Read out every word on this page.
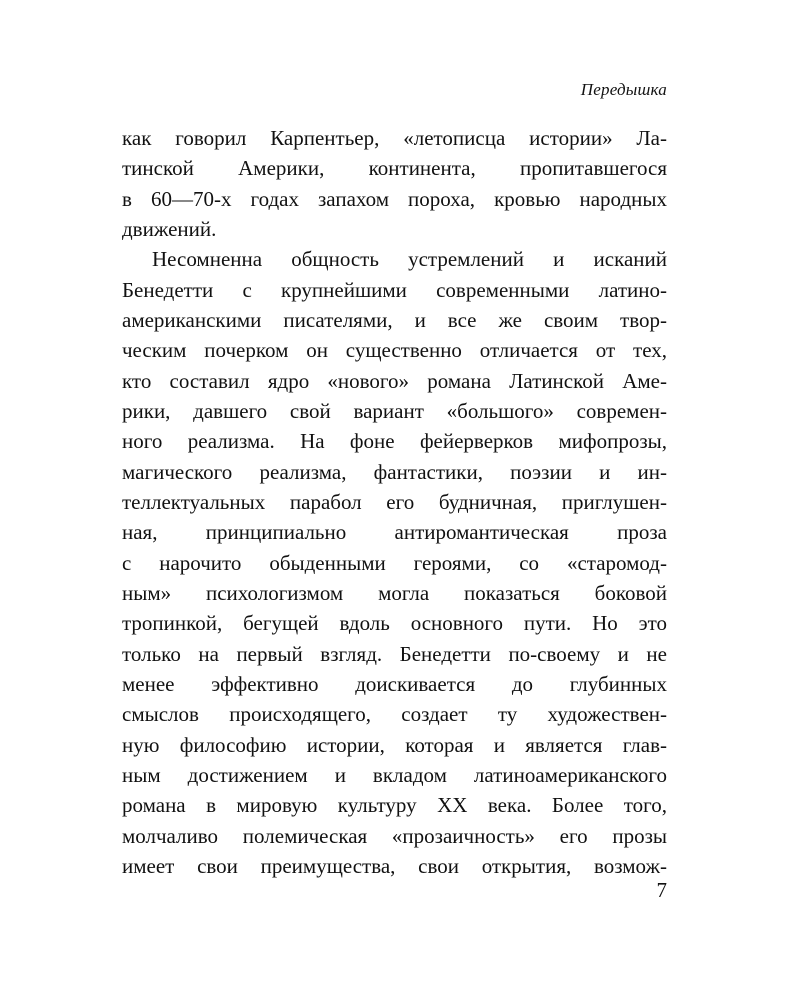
Передышка
как говорил Карпентьер, «летописца истории» Ла-
тинской Америки, континента, пропитавшегося
в 60—70-х годах запахом пороха, кровью народных
движений.
Несомненна общность устремлений и исканий
Бенедетти с крупнейшими современными латино-
американскими писателями, и все же своим твор-
ческим почерком он существенно отличается от тех,
кто составил ядро «нового» романа Латинской Аме-
рики, давшего свой вариант «большого» современ-
ного реализма. На фоне фейерверков мифопрозы,
магического реализма, фантастики, поэзии и ин-
теллектуальных парабол его будничная, приглушен-
ная, принципиально антиромантическая проза
с нарочито обыденными героями, со «старомод-
ным» психологизмом могла показаться боковой
тропинкой, бегущей вдоль основного пути. Но это
только на первый взгляд. Бенедетти по-своему и не
менее эффективно доискивается до глубинных
смыслов происходящего, создает ту художествен-
ную философию истории, которая и является глав-
ным достижением и вкладом латиноамериканского
романа в мировую культуру XX века. Более того,
молчаливо полемическая «прозаичность» его прозы
имеет свои преимущества, свои открытия, возмож-
7
